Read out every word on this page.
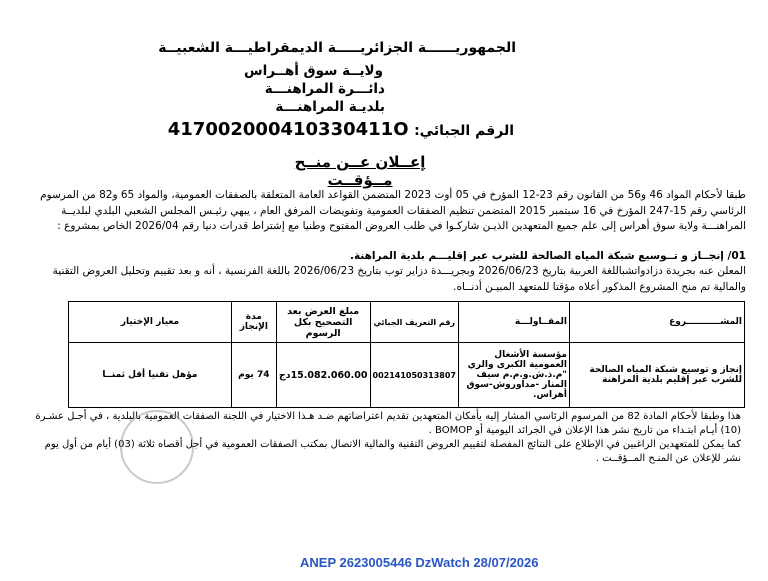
الجمهوريــــــة الجزائريـــــة الديمقراطيـــة الشعبيــة
ولايــة سوق أهــراس
دائـــرة المراهنـــة
بلديـة المراهنـــة
الرقم الجبائي: 417002000410330411O
إعــلان عــن منــح مــؤقــت
طبقا لأحكام المواد 46 و56 من القانون رقم 23-12 المؤرخ في 05 أوت 2023 المتضمن القواعد العامة المتعلقة بالصفقات العمومية، والمواد 65 و82 من المرسوم الرئاسي رقم 15-247 المؤرخ في 16 سبتمبر 2015 المتضمن تنظيم الصفقات العمومية وتفويضات المرفق العام ، يبهي رئيـس المجلس الشعبي البلدي لبلديــة المراهنـــة ولاية سوق أهراس إلى علم جميع المتعهدين الذيـن شاركـوا في طلب العروض المفتوح وطنيا مع إشتراط قدرات دنيا رقم 2026/04 الخاص بمشروع :
01/ إنجــاز و تــوسيع شبكة المياه الصالحة للشرب عبر إقليـــم بلدية المراهنة.
المعلن عنه بجريدة دزادواتشباللغة العربية بتاريخ 2026/06/23 وبجريـــدة دزاير توب بتاريخ 2026/06/23 باللغة الفرنسية ، أنه و بعد تقييم وتحليل العروض التقنية والمالية تم منح المشروع المذكور أعلاه مؤقتا للمتعهد المبيـن أدنــاه.
المشـــــــــــروع	المقــاولـــة	رقم التعريف الجبائي	مبلغ العرض بعد التصحيح بكل الرسوم	مدة الإنجاز	معيار الإختيار
إنجاز و توسيع شبكة المياه الصالحة للشرب عبر إقليم بلدية المراهنة	مؤسسة الأشغال العمومية الكبرى والري "م.ذ.ش.و.م.م سيف المنار -مداوروش-سوق أهراس.	002141050313807	15.082.060.00دج	74 يوم	مؤهل تقنيا أقل ثمنــا
هذا وطبقا لأحكام المادة 82 من المرسوم الرئاسي المشار إليه يأمكان المتعهدين تقديم اعتراضاتهم ضـد هـذا الاختيار في اللجنة الصفقات العمومية بالبلدية ، في أجـل عشـرة (10) أيـام ابتـداء من تاريخ نشر هذا الإعلان في الجرائد اليومية أو BOMOP .
كما يمكن للمتعهدين الراغبين في الإطلاع على النتائج المفصلة لتقييم العروض التقنية والمالية الاتصال بمكتب الصفقات العمومية في أجل أقصاه ثلاثة (03) أيام من أول يوم نشر للإعلان عن المنـح المــؤقــت .
ANEP 2623005446 DzWatch 28/07/2026
